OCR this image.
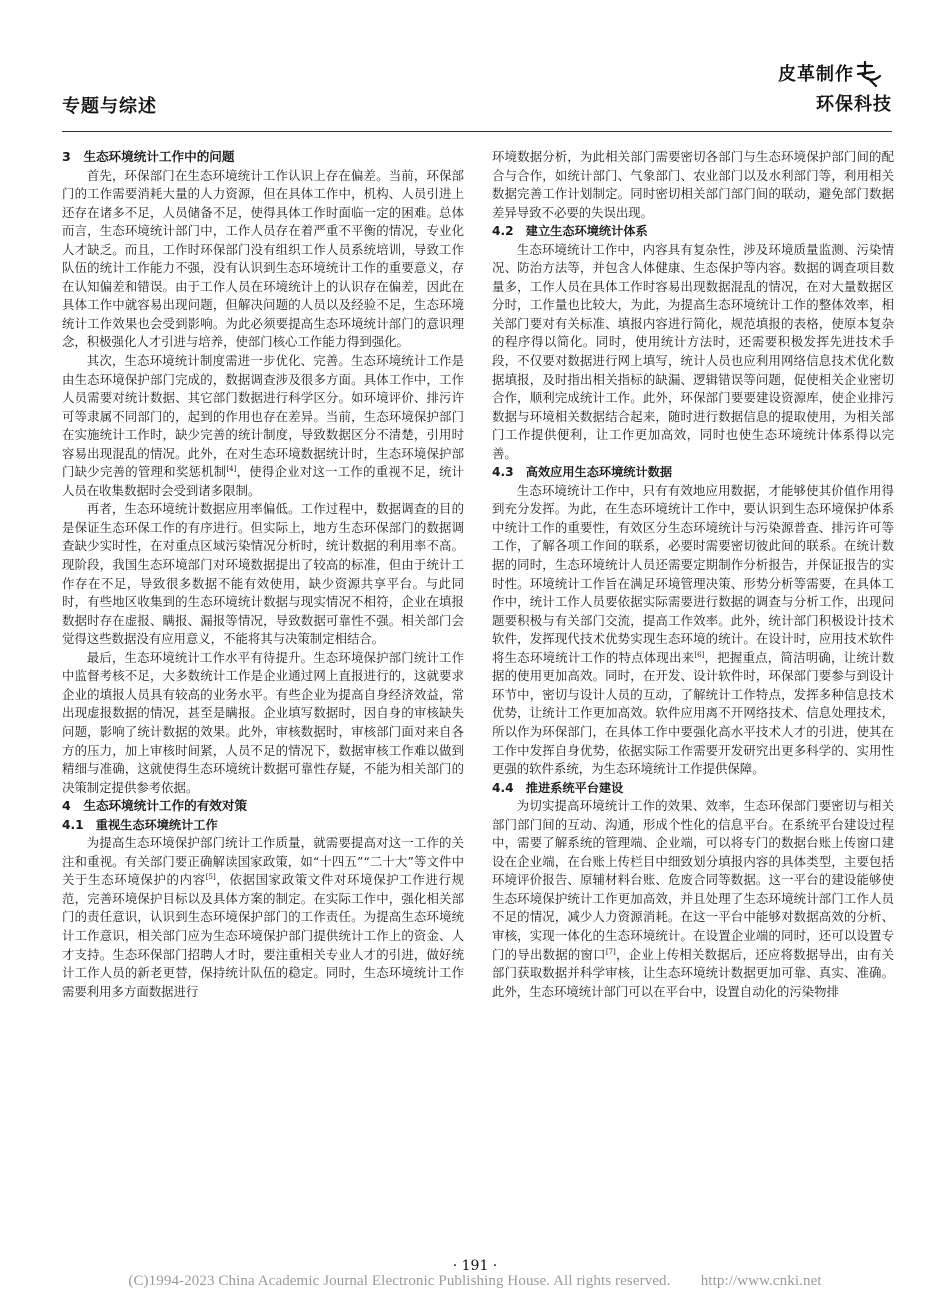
专题与综述
皮革制作
环保科技

3　生态环境统计工作中的问题

首先，环保部门在生态环境统计工作认识上存在偏差。当前，环保部门的工作需要消耗大量的人力资源，但在具体工作中，机构、人员引进上还存在诸多不足，人员储备不足，使得具体工作时面临一定的困难。总体而言，生态环境统计部门中，工作人员存在着严重不平衡的情况，专业化人才缺乏。而且，工作时环保部门没有组织工作人员系统培训，导致工作队伍的统计工作能力不强，没有认识到生态环境统计工作的重要意义，存在认知偏差和错误。由于工作人员在环境统计上的认识存在偏差，因此在具体工作中就容易出现问题，但解决问题的人员以及经验不足，生态环境统计工作效果也会受到影响。为此必须要提高生态环境统计部门的意识理念，积极强化人才引进与培养，使部门核心工作能力得到强化。

其次，生态环境统计制度需进一步优化、完善。生态环境统计工作是由生态环境保护部门完成的，数据调查涉及很多方面。具体工作中，工作人员需要对统计数据、其它部门数据进行科学区分。如环境评价、排污许可等隶属不同部门的，起到的作用也存在差异。当前，生态环境保护部门在实施统计工作时，缺少完善的统计制度，导致数据区分不清楚，引用时容易出现混乱的情况。此外，在对生态环境数据统计时，生态环境保护部门缺少完善的管理和奖惩机制[4]，使得企业对这一工作的重视不足，统计人员在收集数据时会受到诸多限制。

再者，生态环境统计数据应用率偏低。工作过程中，数据调查的目的是保证生态环保工作的有序进行。但实际上，地方生态环保部门的数据调查缺少实时性，在对重点区域污染情况分析时，统计数据的利用率不高。现阶段，我国生态环境部门对环境数据提出了较高的标准，但由于统计工作存在不足，导致很多数据不能有效使用，缺少资源共享平台。与此同时，有些地区收集到的生态环境统计数据与现实情况不相符，企业在填报数据时存在虚报、瞒报、漏报等情况，导致数据可靠性不强。相关部门会觉得这些数据没有应用意义，不能将其与决策制定相结合。

最后，生态环境统计工作水平有待提升。生态环境保护部门统计工作中监督考核不足，大多数统计工作是企业通过网上直报进行的，这就要求企业的填报人员具有较高的业务水平。有些企业为提高自身经济效益，常出现虚报数据的情况，甚至是瞒报。企业填写数据时，因自身的审核缺失问题，影响了统计数据的效果。此外，审核数据时，审核部门面对来自各方的压力，加上审核时间紧，人员不足的情况下，数据审核工作难以做到精细与准确，这就使得生态环境统计数据可靠性存疑，不能为相关部门的决策制定提供参考依据。

4　生态环境统计工作的有效对策

4.1　重视生态环境统计工作

为提高生态环境保护部门统计工作质量，就需要提高对这一工作的关注和重视。有关部门要正确解读国家政策，如“十四五”“二十大”等文件中关于生态环境保护的内容[5]，依据国家政策文件对环境保护工作进行规范，完善环境保护目标以及具体方案的制定。在实际工作中，强化相关部门的责任意识，认识到生态环境保护部门的工作责任。为提高生态环境统计工作意识，相关部门应为生态环境保护部门提供统计工作上的资金、人才支持。生态环保部门招聘人才时，要注重相关专业人才的引进，做好统计工作人员的新老更替，保持统计队伍的稳定。同时，生态环境统计工作需要利用多方面数据进行

环境数据分析，为此相关部门需要密切各部门与生态环境保护部门间的配合与合作，如统计部门、气象部门、农业部门以及水利部门等，利用相关数据完善工作计划制定。同时密切相关部门部门间的联动，避免部门数据差异导致不必要的失误出现。

4.2　建立生态环境统计体系

生态环境统计工作中，内容具有复杂性，涉及环境质量监测、污染情况、防治方法等，并包含人体健康、生态保护等内容。数据的调查项目数量多，工作人员在具体工作时容易出现数据混乱的情况，在对大量数据区分时，工作量也比较大，为此，为提高生态环境统计工作的整体效率，相关部门要对有关标准、填报内容进行简化，规范填报的表格，使原本复杂的程序得以简化。同时，使用统计方法时，还需要积极发挥先进技术手段，不仅要对数据进行网上填写，统计人员也应利用网络信息技术优化数据填报，及时指出相关指标的缺漏、逻辑错误等问题，促使相关企业密切合作，顺利完成统计工作。此外，环保部门要要建设资源库，使企业排污数据与环境相关数据结合起来，随时进行数据信息的提取使用，为相关部门工作提供便利，让工作更加高效，同时也使生态环境统计体系得以完善。

4.3　高效应用生态环境统计数据

生态环境统计工作中，只有有效地应用数据，才能够使其价值作用得到充分发挥。为此，在生态环境统计工作中，要认识到生态环境保护体系中统计工作的重要性，有效区分生态环境统计与污染源普查、排污许可等工作，了解各项工作间的联系，必要时需要密切彼此间的联系。在统计数据的同时，生态环境统计人员还需要定期制作分析报告，并保证报告的实时性。环境统计工作旨在满足环境管理决策、形势分析等需要，在具体工作中，统计工作人员要依据实际需要进行数据的调查与分析工作，出现问题要积极与有关部门交流，提高工作效率。此外，统计部门积极设计技术软件，发挥现代技术优势实现生态环境的统计。在设计时，应用技术软件将生态环境统计工作的特点体现出来[6]，把握重点，简洁明确，让统计数据的使用更加高效。同时，在开发、设计软件时，环保部门要参与到设计环节中，密切与设计人员的互动，了解统计工作特点，发挥多种信息技术优势，让统计工作更加高效。软件应用离不开网络技术、信息处理技术，所以作为环保部门，在具体工作中要强化高水平技术人才的引进，使其在工作中发挥自身优势，依据实际工作需要开发研究出更多科学的、实用性更强的软件系统，为生态环境统计工作提供保障。

4.4　推进系统平台建设

为切实提高环境统计工作的效果、效率，生态环保部门要密切与相关部门部门间的互动、沟通，形成个性化的信息平台。在系统平台建设过程中，需要了解系统的管理端、企业端，可以将专门的数据台账上传窗口建设在企业端，在台账上传栏目中细致划分填报内容的具体类型，主要包括环境评价报告、原辅材料台账、危废合同等数据。这一平台的建设能够使生态环境保护统计工作更加高效，并且处理了生态环境统计部门工作人员不足的情况，减少人力资源消耗。在这一平台中能够对数据高效的分析、审核，实现一体化的生态环境统计。在设置企业端的同时，还可以设置专门的导出数据的窗口[7]，企业上传相关数据后，还应将数据导出，由有关部门获取数据并科学审核，让生态环境统计数据更加可靠、真实、准确。此外，生态环境统计部门可以在平台中，设置自动化的污染物排

· 191 ·
(C)1994-2023 China Academic Journal Electronic Publishing House. All rights reserved.　　http://www.cnki.net
